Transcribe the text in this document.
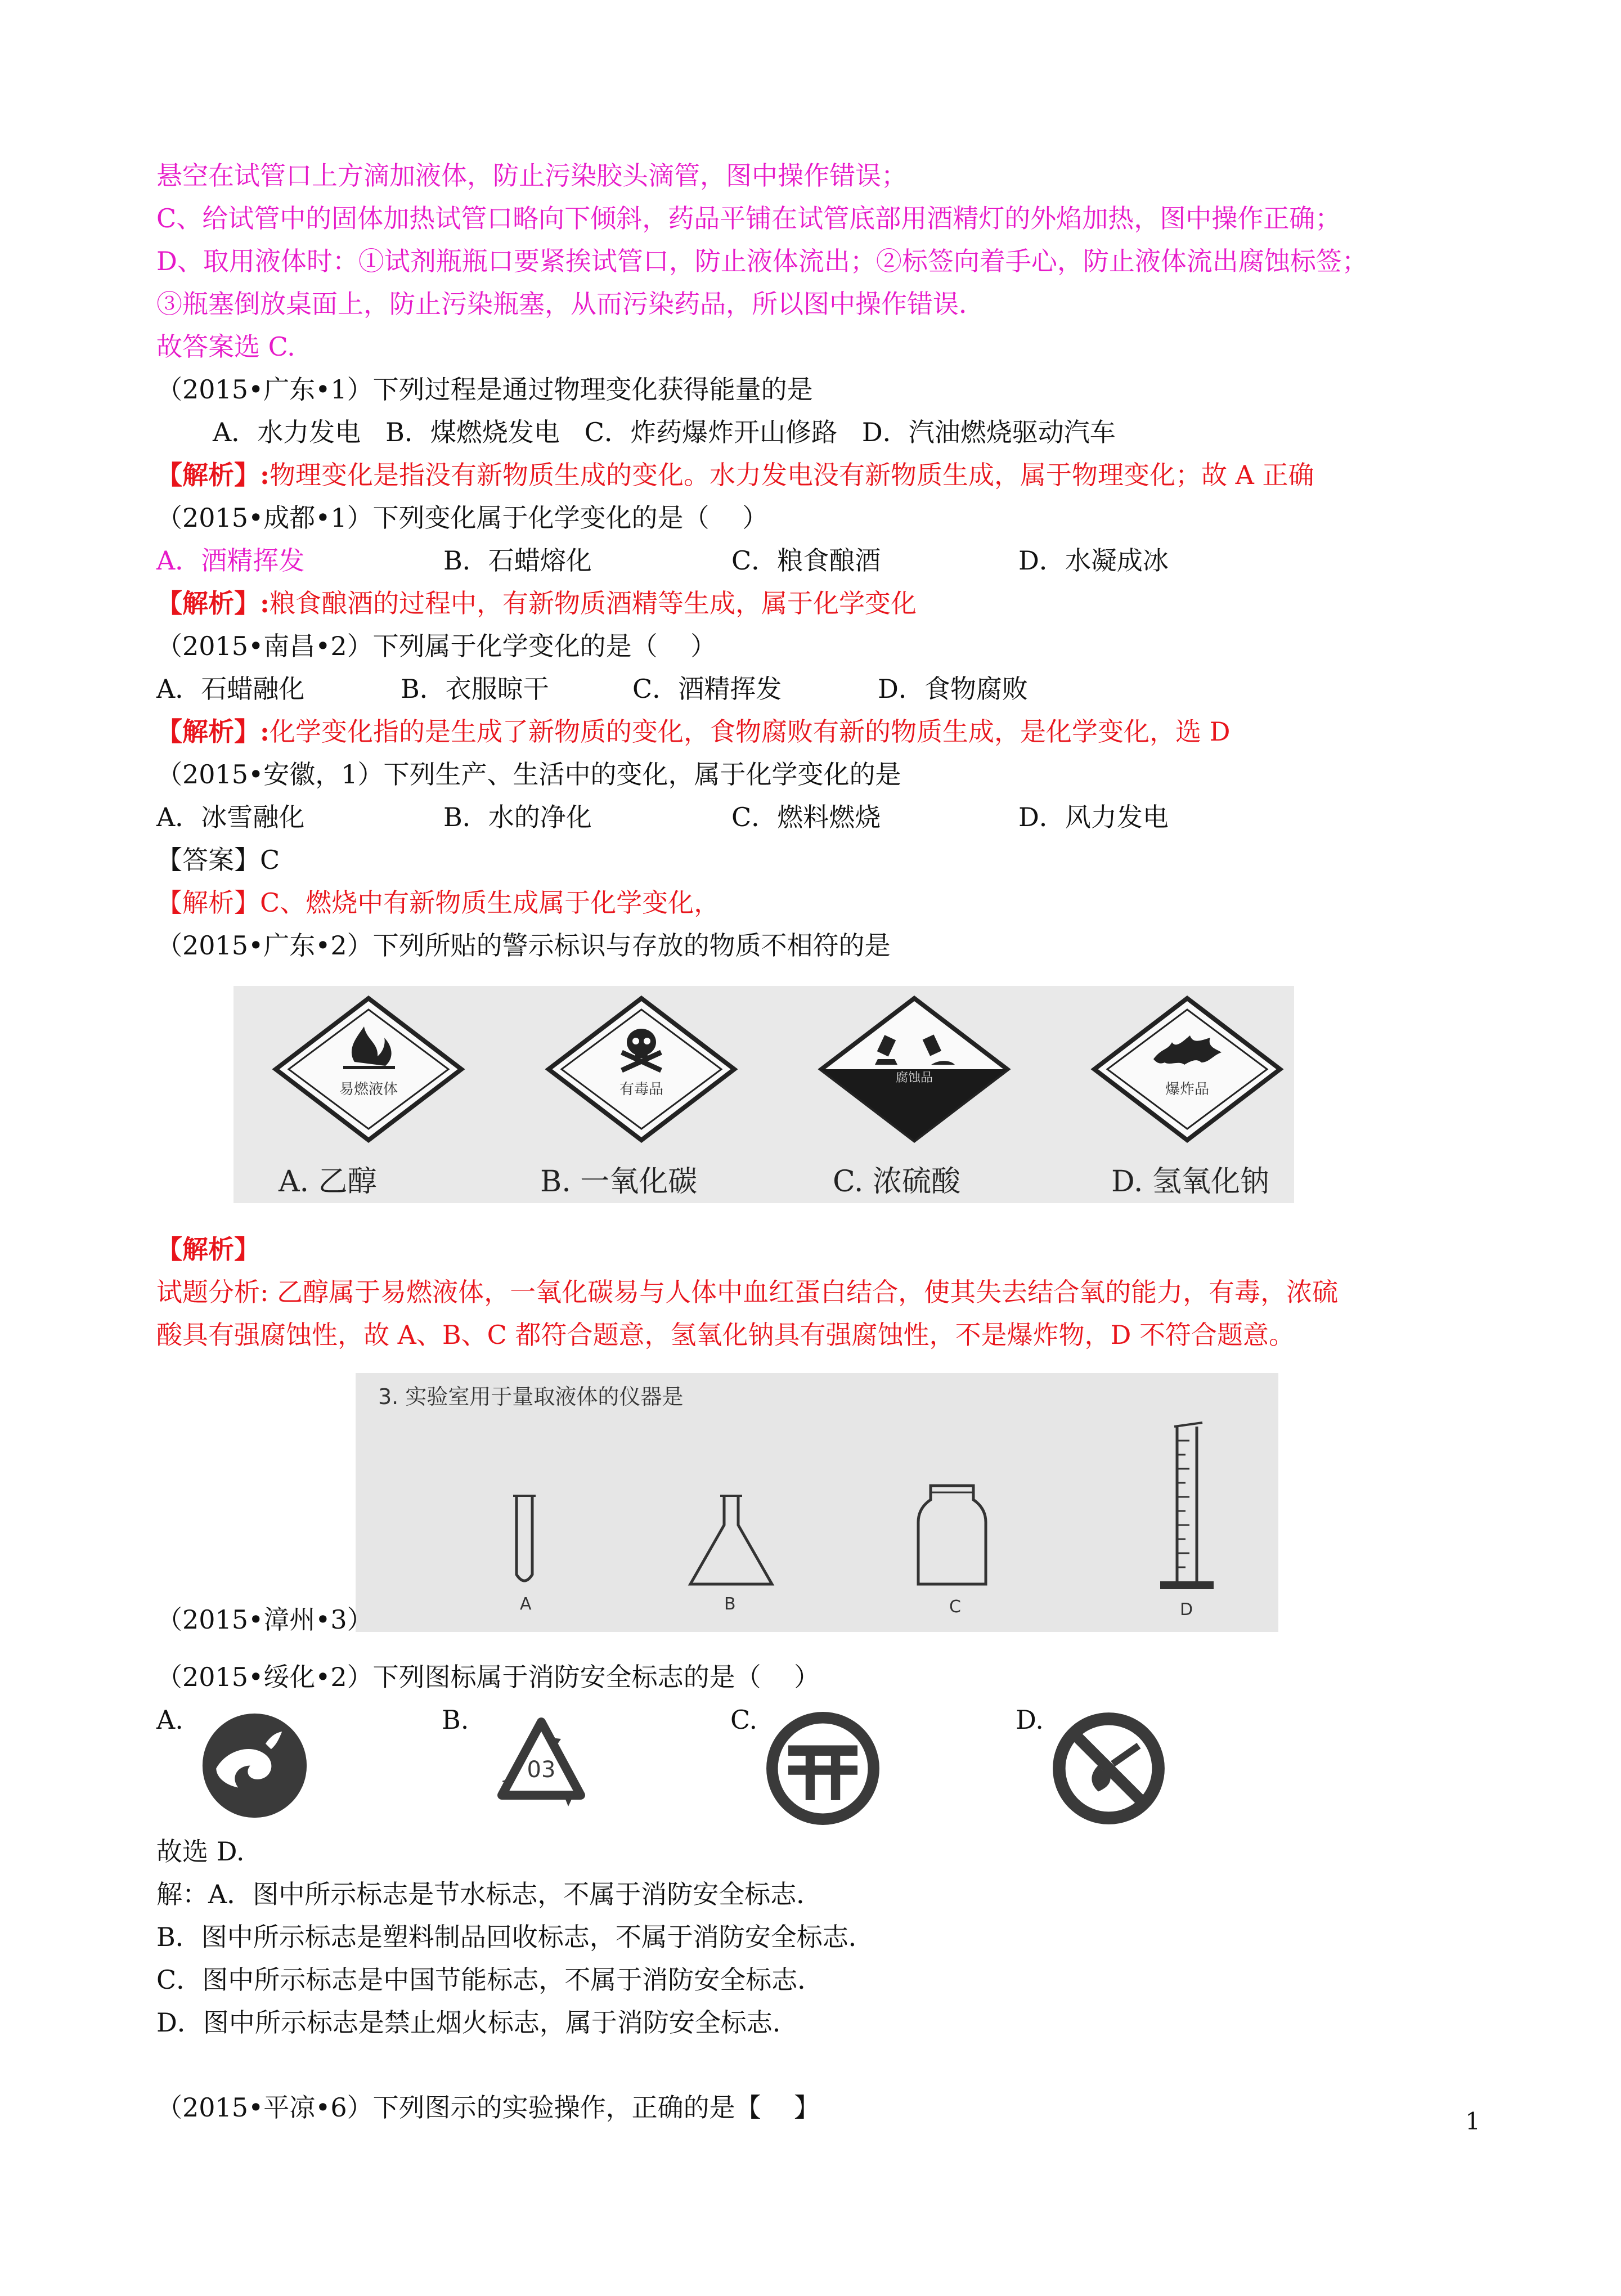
悬空在试管口上方滴加液体，防止污染胶头滴管，图中操作错误；
C、给试管中的固体加热试管口略向下倾斜，药品平铺在试管底部用酒精灯的外焰加热，图中操作正确；
D、取用液体时：①试剂瓶瓶口要紧挨试管口，防止液体流出；②标签向着手心，防止液体流出腐蚀标签；
③瓶塞倒放桌面上，防止污染瓶塞，从而污染药品，所以图中操作错误．
故答案选 C.
（2015•广东•1）下列过程是通过物理变化获得能量的是
A．水力发电   B．煤燃烧发电   C．炸药爆炸开山修路   D．汽油燃烧驱动汽车
【解析】:物理变化是指没有新物质生成的变化。水力发电没有新物质生成，属于物理变化；故 A 正确
（2015•成都•1）下列变化属于化学变化的是（    ）
A．酒精挥发	B．石蜡熔化	C．粮食酿酒	D．水凝成冰
【解析】:粮食酿酒的过程中，有新物质酒精等生成，属于化学变化
（2015•南昌•2）下列属于化学变化的是（    ）
A．石蜡融化	B．衣服晾干	C．酒精挥发	D．食物腐败
【解析】:化学变化指的是生成了新物质的变化，食物腐败有新的物质生成，是化学变化，选 D
（2015•安徽，1）下列生产、生活中的变化，属于化学变化的是
A．冰雪融化	B．水的净化	C．燃料燃烧	D．风力发电
【答案】C
【解析】C、燃烧中有新物质生成属于化学变化，
（2015•广东•2）下列所贴的警示标识与存放的物质不相符的是
易燃液体	有毒品
腐蚀品
爆炸品
A. 乙醇	B. 一氧化碳	C. 浓硫酸	D. 氢氧化钠
【解析】
试题分析: 乙醇属于易燃液体，一氧化碳易与人体中血红蛋白结合，使其失去结合氧的能力，有毒，浓硫
酸具有强腐蚀性，故 A、B、C 都符合题意，氢氧化钠具有强腐蚀性，不是爆炸物，D 不符合题意。
3. 实验室用于量取液体的仪器是
A	B	C	D
（2015•漳州•3）
（2015•绥化•2）下列图标属于消防安全标志的是（    ）
A.	B.	C.	D.
03
故选 D.
解：A．图中所示标志是节水标志，不属于消防安全标志．
B．图中所示标志是塑料制品回收标志，不属于消防安全标志．
C．图中所示标志是中国节能标志，不属于消防安全标志．
D．图中所示标志是禁止烟火标志，属于消防安全标志．
（2015•平凉•6）下列图示的实验操作，正确的是【    】	1
